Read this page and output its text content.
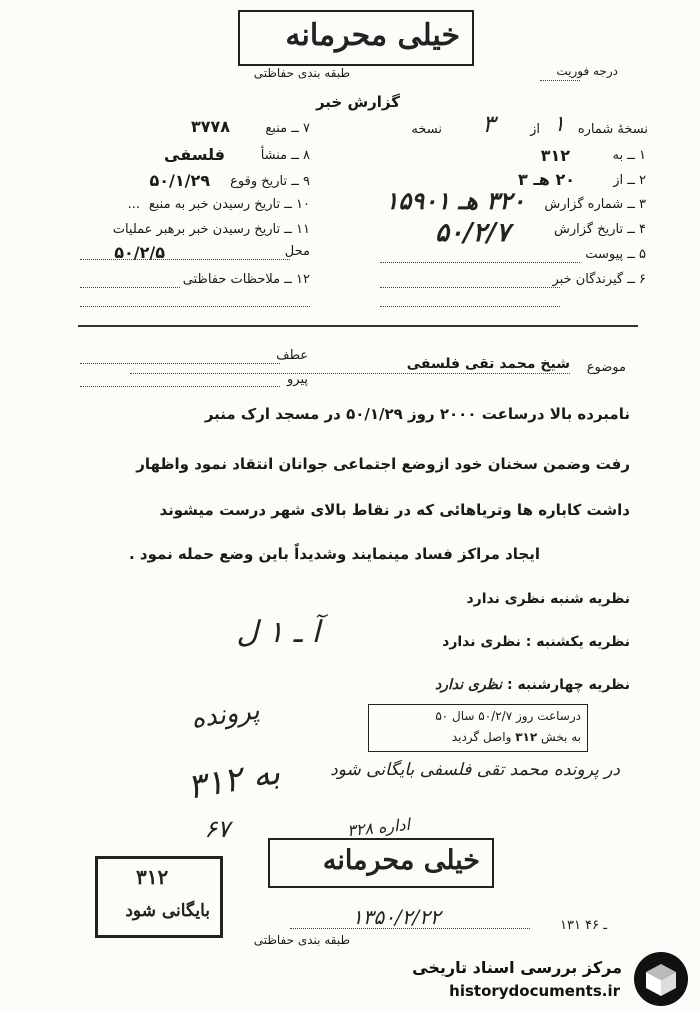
خیلی محرمانه
طبقه بندی حفاظتی	درجه فوریت
گزارش خبر
۷ ــ منبع
۳۷۷۸
۸ ــ منشأ
فلسفی
۹ ــ تاریخ وقوع
۵۰/۱/۲۹
۱۰ ــ تاریخ رسیدن خبر به منبع
...
۱۱ ــ تاریخ رسیدن خبر برهبر عملیات
۵۰/۲/۵	محل
۱۲ ــ ملاحظات حفاظتی
نسخهٔ شماره
۱
از
۳
نسخه
۱ ــ به
۳۱۲
۲ ــ از
۲۰ هـ ۳
۳ ــ شماره گزارش
۳۲۰ هـ ۱۵۹۰۱
۴ ــ تاریخ گزارش
۵۰/۲/۷
۵ ــ پیوست
۶ ــ گیرندگان خبر
عطف
پیرو
موضوع
شیخ محمد تقی فلسفی
نامبرده بالا درساعت ۲۰۰۰ روز ۵۰/۱/۲۹ در مسجد ارک منبر
رفت وضمن سخنان خود ازوضع اجتماعی جوانان انتقاد نمود واظهار
داشت کاباره ها وتریاهائی که در نقاط بالای شهر درست میشوند
ایجاد مراکز فساد مینمایند وشدیداً باین وضع حمله نمود .
نظریه شنبه نظری ندارد
نظریه یکشنبه : نظری ندارد
آ ـ ۱ ل
نظریه چهارشنبه : نظری ندارد
درساعت روز ۵۰/۲/۷ سال ۵۰
به بخش ۳۱۲ واصل گردید
پرونده
در پرونده محمد تقی فلسفی بایگانی شود
به ۳۱۲
اداره ۳۲۸
۶۷
خیلی محرمانه
۳۱۲
بایگانی شود	۱۳۵۰/۲/۲۲	۱۳۱ ـ ۴۶
طبقه بندی حفاظتی
مرکز بررسی اسناد تاریخی
historydocuments.ir
